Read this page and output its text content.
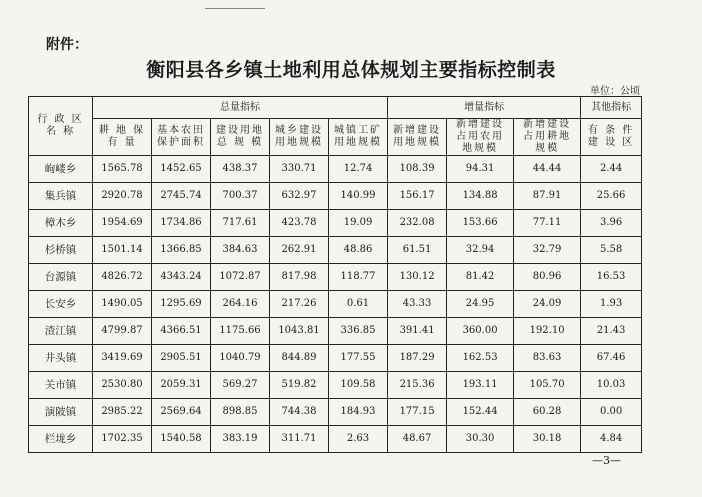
附件：
衡阳县各乡镇土地利用总体规划主要指标控制表
单位：公顷
行 政 区 名 称	总量指标					增量指标			其他指标
	耕 地 保 有 量	基本农田保护面积	建设用地总 规 模	城乡建设用地规模	城镇工矿用地规模	新增建设用地规模	新增建设占用农用地规模	新增建设占用耕地规模	有 条 件 建 设 区
岣嵝乡	1565.78	1452.65	438.37	330.71	12.74	108.39	94.31	44.44	2.44
集兵镇	2920.78	2745.74	700.37	632.97	140.99	156.17	134.88	87.91	25.66
樟木乡	1954.69	1734.86	717.61	423.78	19.09	232.08	153.66	77.11	3.96
杉桥镇	1501.14	1366.85	384.63	262.91	48.86	61.51	32.94	32.79	5.58
台源镇	4826.72	4343.24	1072.87	817.98	118.77	130.12	81.42	80.96	16.53
长安乡	1490.05	1295.69	264.16	217.26	0.61	43.33	24.95	24.09	1.93
渣江镇	4799.87	4366.51	1175.66	1043.81	336.85	391.41	360.00	192.10	21.43
井头镇	3419.69	2905.51	1040.79	844.89	177.55	187.29	162.53	83.63	67.46
关市镇	2530.80	2059.31	569.27	519.82	109.58	215.36	193.11	105.70	10.03
演陂镇	2985.22	2569.64	898.85	744.38	184.93	177.15	152.44	60.28	0.00
栏垅乡	1702.35	1540.58	383.19	311.71	2.63	48.67	30.30	30.18	4.84
—3—
